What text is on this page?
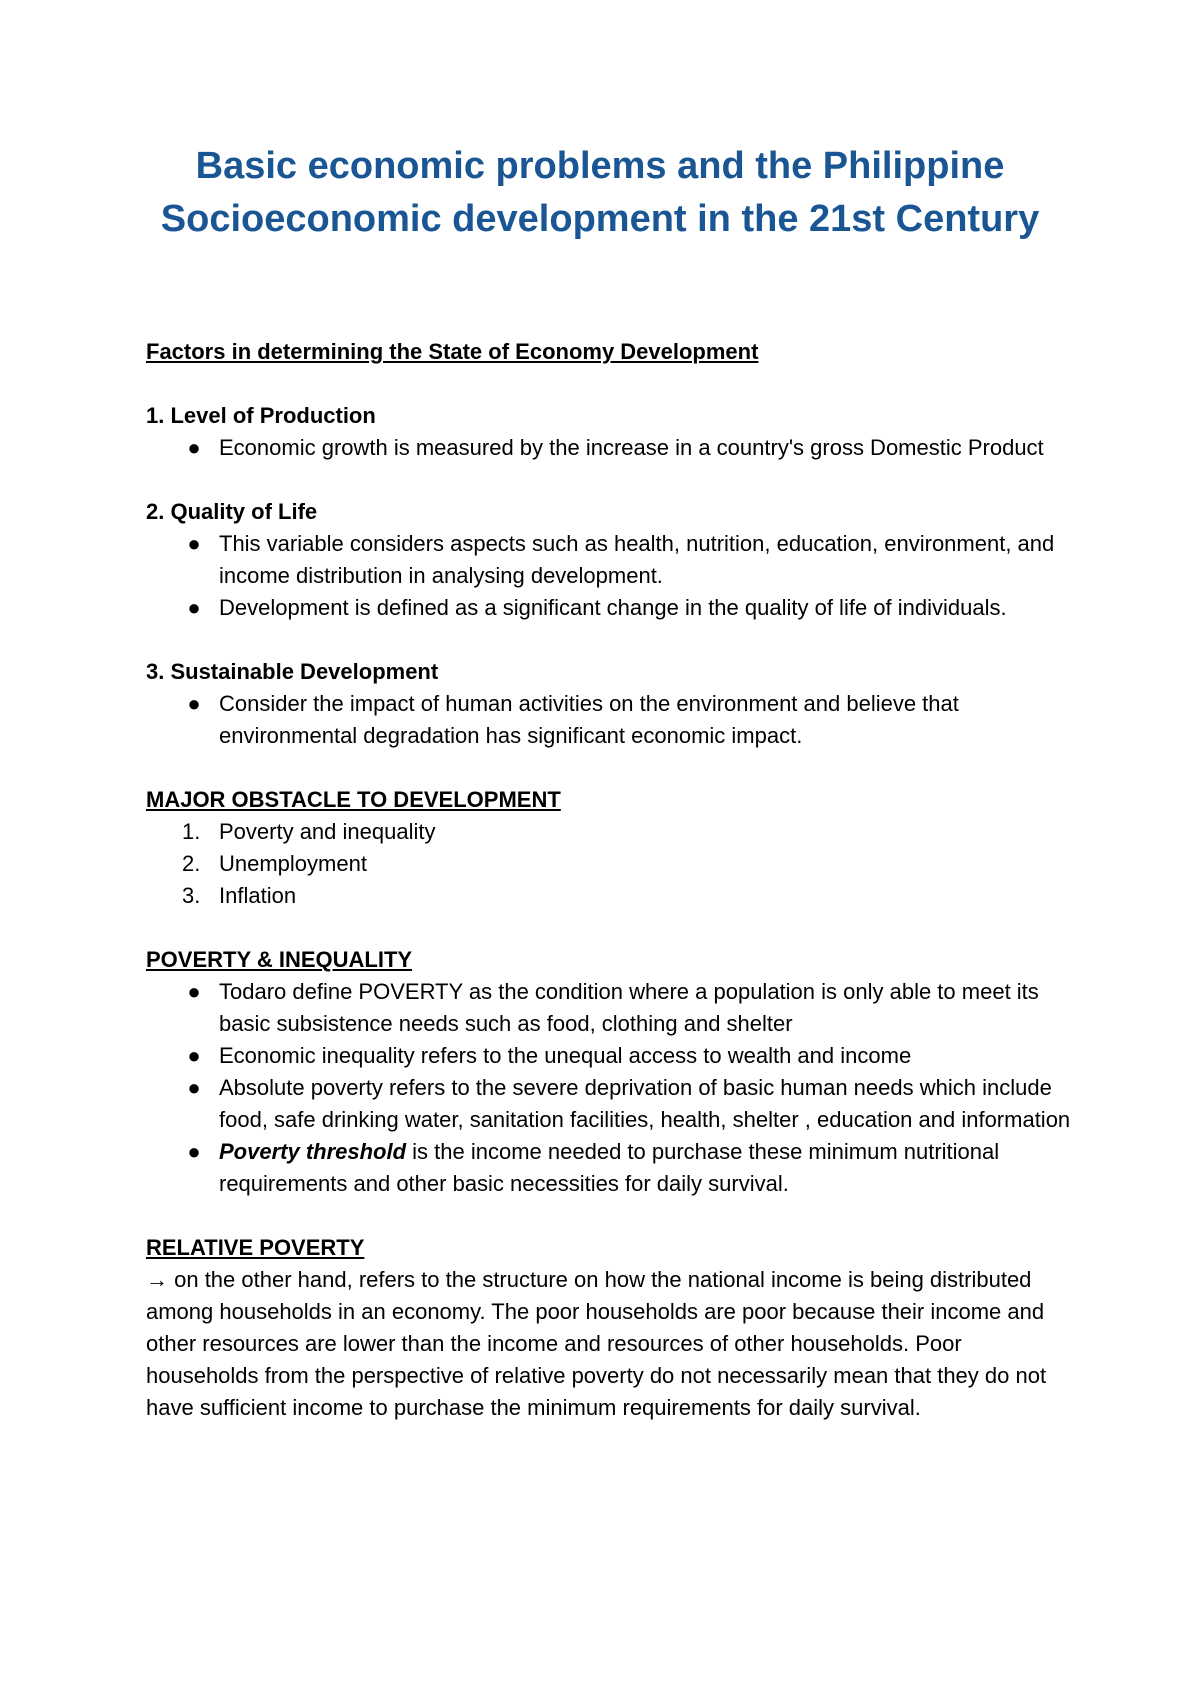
Basic economic problems and the Philippine Socioeconomic development in the 21st Century

Factors in determining the State of Economy Development

1. Level of Production

● Economic growth is measured by the increase in a country's gross Domestic Product

2. Quality of Life

● This variable considers aspects such as health, nutrition, education, environment, and income distribution in analysing development.
● Development is defined as a significant change in the quality of life of individuals.

3. Sustainable Development

● Consider the impact of human activities on the environment and believe that environmental degradation has significant economic impact.

MAJOR OBSTACLE TO DEVELOPMENT

1. Poverty and inequality
2. Unemployment
3. Inflation

POVERTY & INEQUALITY

● Todaro define POVERTY as the condition where a population is only able to meet its basic subsistence needs such as food, clothing and shelter
● Economic inequality refers to the unequal access to wealth and income
● Absolute poverty refers to the severe deprivation of basic human needs which include food, safe drinking water, sanitation facilities, health, shelter , education and information
● Poverty threshold is the income needed to purchase these minimum nutritional requirements and other basic necessities for daily survival.

RELATIVE POVERTY

→ on the other hand, refers to the structure on how the national income is being distributed among households in an economy. The poor households are poor because their income and other resources are lower than the income and resources of other households. Poor households from the perspective of relative poverty do not necessarily mean that they do not have sufficient income to purchase the minimum requirements for daily survival.
